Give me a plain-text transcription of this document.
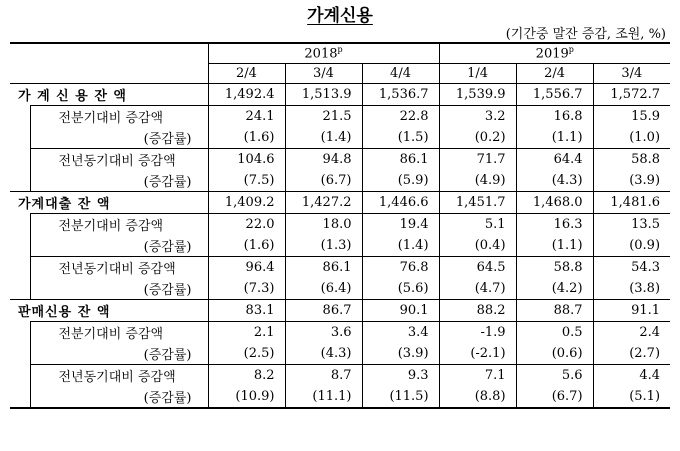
가계신용
(기간중 말잔 증감, 조원, %)
		2018$^p$			2019$^p$
		2/4	3/4	4/4	1/4	2/4	3/4
가 계 신 용 잔 액		1,492.4	1,513.9	1,536.7	1,539.9	1,556.7	1,572.7
	전분기대비 증감액	24.1	21.5	22.8	3.2	16.8	15.9
	(증감률)	(1.6)	(1.4)	(1.5)	(0.2)	(1.1)	(1.0)
	전년동기대비 증감액	104.6	94.8	86.1	71.7	64.4	58.8
	(증감률)	(7.5)	(6.7)	(5.9)	(4.9)	(4.3)	(3.9)
가계대출 잔 액		1,409.2	1,427.2	1,446.6	1,451.7	1,468.0	1,481.6
	전분기대비 증감액	22.0	18.0	19.4	5.1	16.3	13.5
	(증감률)	(1.6)	(1.3)	(1.4)	(0.4)	(1.1)	(0.9)
	전년동기대비 증감액	96.4	86.1	76.8	64.5	58.8	54.3
	(증감률)	(7.3)	(6.4)	(5.6)	(4.7)	(4.2)	(3.8)
판매신용 잔 액		83.1	86.7	90.1	88.2	88.7	91.1
	전분기대비 증감액	2.1	3.6	3.4	-1.9	0.5	2.4
	(증감률)	(2.5)	(4.3)	(3.9)	(-2.1)	(0.6)	(2.7)
	전년동기대비 증감액	8.2	8.7	9.3	7.1	5.6	4.4
	(증감률)	(10.9)	(11.1)	(11.5)	(8.8)	(6.7)	(5.1)
